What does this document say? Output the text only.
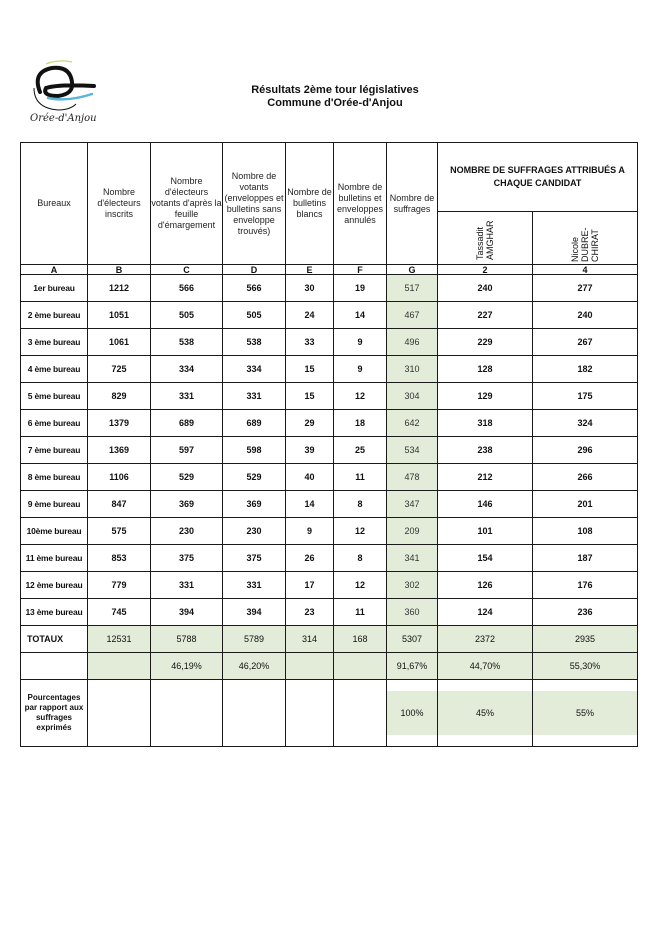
Orée-d'Anjou
Résultats 2ème tour législatives
Commune d'Orée-d'Anjou
Bureaux	Nombre d'électeurs inscrits	Nombre d'électeurs votants d'après la feuille d'émargement	Nombre de votants (enveloppes et bulletins sans enveloppe trouvés)	Nombre de bulletins blancs	Nombre de bulletins et enveloppes annulés	Nombre de suffrages	NOMBRE DE SUFFRAGES ATTRIBUÉS A CHAQUE CANDIDAT	
							Tassadit AMGHAR	Nicole DUBRE-CHIRAT
A	B	C	D	E	F	G	2	4
1er bureau	1212	566	566	30	19	517	240	277
2 ème bureau	1051	505	505	24	14	467	227	240
3 ème bureau	1061	538	538	33	9	496	229	267
4 ème bureau	725	334	334	15	9	310	128	182
5 ème bureau	829	331	331	15	12	304	129	175
6 ème bureau	1379	689	689	29	18	642	318	324
7 ème bureau	1369	597	598	39	25	534	238	296
8 ème bureau	1106	529	529	40	11	478	212	266
9 ème bureau	847	369	369	14	8	347	146	201
10ème bureau	575	230	230	9	12	209	101	108
11 ème bureau	853	375	375	26	8	341	154	187
12 ème bureau	779	331	331	17	12	302	126	176
13 ème bureau	745	394	394	23	11	360	124	236
TOTAUX	12531	5788	5789	314	168	5307	2372	2935
		46,19%	46,20%			91,67%	44,70%	55,30%
Pourcentages par rapport aux suffrages exprimés						100%	45%	55%
